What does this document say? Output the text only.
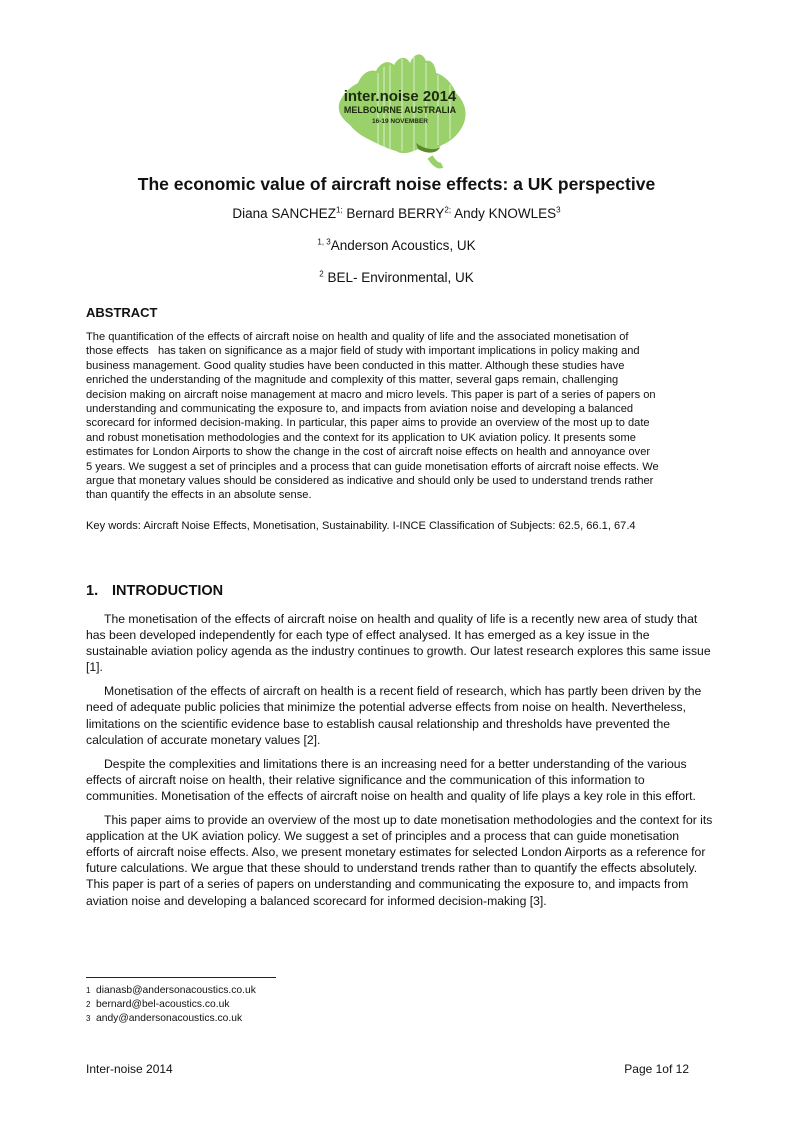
inter.noise 2014
MELBOURNE AUSTRALIA
16-19 NOVEMBER
The economic value of aircraft noise effects: a UK perspective
Diana $SANCHEZ^{1;}$ Bernard $BERRY^{2;}$ Andy KNOWLES$^3$
$^{1, 3}$Anderson Acoustics, UK
$^2$ BEL- Environmental, UK
ABSTRACT
The quantification of the effects of aircraft noise on health and quality of life and the associated monetisation of
those effects   has taken on significance as a major field of study with important implications in policy making and
business management. Good quality studies have been conducted in this matter. Although these studies have
enriched the understanding of the magnitude and complexity of this matter, several gaps remain, challenging
decision making on aircraft noise management at macro and micro levels. This paper is part of a series of papers on
understanding and communicating the exposure to, and impacts from aviation noise and developing a balanced
scorecard for informed decision-making. In particular, this paper aims to provide an overview of the most up to date
and robust monetisation methodologies and the context for its application to UK aviation policy. It presents some
estimates for London Airports to show the change in the cost of aircraft noise effects on health and annoyance over
5 years. We suggest a set of principles and a process that can guide monetisation efforts of aircraft noise effects. We
argue that monetary values should be considered as indicative and should only be used to understand trends rather
than quantify the effects in an absolute sense.
Key words: Aircraft Noise Effects, Monetisation, Sustainability. I-INCE Classification of Subjects: 62.5, 66.1, 67.4
1. INTRODUCTION

The monetisation of the effects of aircraft noise on health and quality of life is a recently new area of study that has been developed independently for each type of effect analysed. It has emerged as a key issue in the sustainable aviation policy agenda as the industry continues to growth. Our latest research explores this same issue [1].

Monetisation of the effects of aircraft on health is a recent field of research, which has partly been driven by the need of adequate public policies that minimize the potential adverse effects from noise on health. Nevertheless, limitations on the scientific evidence base to establish causal relationship and thresholds have prevented the calculation of accurate monetary values [2].

Despite the complexities and limitations there is an increasing need for a better understanding of the various effects of aircraft noise on health, their relative significance and the communication of this information to communities. Monetisation of the effects of aircraft noise on health and quality of life plays a key role in this effort.

This paper aims to provide an overview of the most up to date monetisation methodologies and the context for its application at the UK aviation policy. We suggest a set of principles and a process that can guide monetisation efforts of aircraft noise effects. Also, we present monetary estimates for selected London Airports as a reference for future calculations. We argue that these should to understand trends rather than to quantify the effects absolutely. This paper is part of a series of papers on understanding and communicating the exposure to, and impacts from aviation noise and developing a balanced scorecard for informed decision-making [3].

1 dianasb@andersonacoustics.co.uk
2 bernard@bel-acoustics.co.uk
3 andy@andersonacoustics.co.uk
Inter-noise 2014	Page 1of 12
